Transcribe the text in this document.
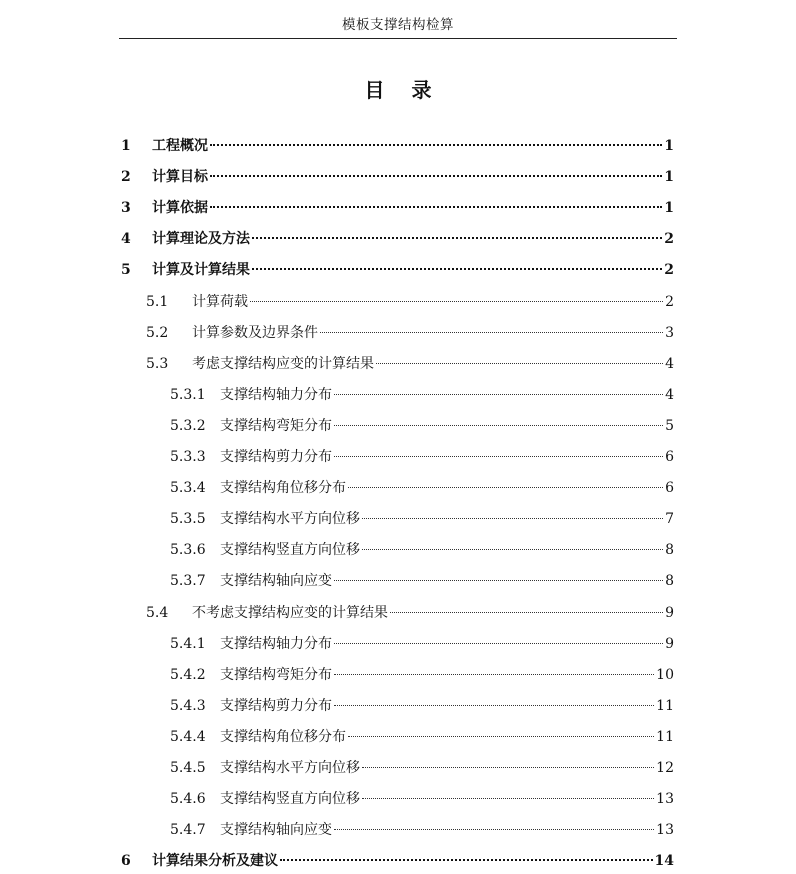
模板支撑结构检算
目 录
1	工程概况	1
2	计算目标	1
3	计算依据	1
4	计算理论及方法	2
5	计算及计算结果	2
5.1	计算荷载	2
5.2	计算参数及边界条件	3
5.3	考虑支撑结构应变的计算结果	4
5.3.1	支撑结构轴力分布	4
5.3.2	支撑结构弯矩分布	5
5.3.3	支撑结构剪力分布	6
5.3.4	支撑结构角位移分布	6
5.3.5	支撑结构水平方向位移	7
5.3.6	支撑结构竖直方向位移	8
5.3.7	支撑结构轴向应变	8
5.4	不考虑支撑结构应变的计算结果	9
5.4.1	支撑结构轴力分布	9
5.4.2	支撑结构弯矩分布	10
5.4.3	支撑结构剪力分布	11
5.4.4	支撑结构角位移分布	11
5.4.5	支撑结构水平方向位移	12
5.4.6	支撑结构竖直方向位移	13
5.4.7	支撑结构轴向应变	13
6	计算结果分析及建议	14
